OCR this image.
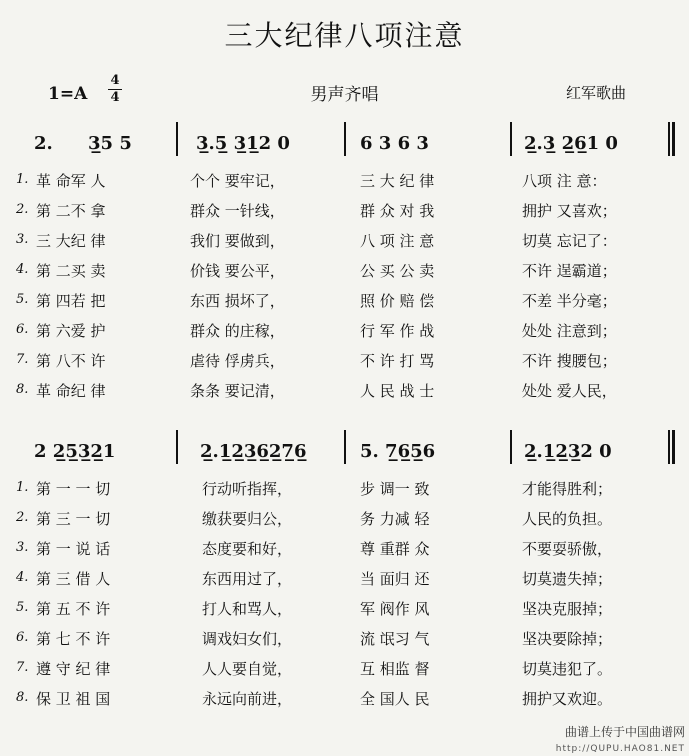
三大纪律八项注意
1=A
4
4	男声齐唱	红军歌曲
2. 3̲5 5	3̲.5̲ 3̲1̲2 0	6 3 6 3	2̲.3̲ 2̲6̲1 0
1. 革 命军 人	个个 要牢记，	三 大 纪 律	八项 注 意：
2. 第 二不 拿	群众 一针线，	群 众 对 我	拥护 又喜欢；
3. 三 大纪 律	我们 要做到，	八 项 注 意	切莫 忘记了：
4. 第 二买 卖	价钱 要公平，	公 买 公 卖	不许 逞霸道；
5. 第 四若 把	东西 损坏了，	照 价 赔 偿	不差 半分毫；
6. 第 六爱 护	群众 的庄稼，	行 军 作 战	处处 注意到；
7. 第 八不 许	虐待 俘虏兵，	不 许 打 骂	不许 搜腰包；
8. 革 命纪 律	条条 要记清，	人 民 战 士	处处 爱人民，
2 2̲5̲3̲2̲1	2̲.1̲2̲3̲6̲2̲7̲6̲	5. 7̲6̲5̲6	2̲.1̲2̲3̲2 0
1. 第 一 一 切	行动听指挥，	步 调一 致	才能得胜利；
2. 第 三 一 切	缴获要归公，	务 力减 轻	人民的负担。
3. 第 一 说 话	态度要和好，	尊 重群 众	不要耍骄傲，
4. 第 三 借 人	东西用过了，	当 面归 还	切莫遗失掉；
5. 第 五 不 许	打人和骂人，	军 阀作 风	坚决克服掉；
6. 第 七 不 许	调戏妇女们，	流 氓习 气	坚决要除掉；
7. 遵 守 纪 律	人人要自觉，	互 相监 督	切莫违犯了。
8. 保 卫 祖 国	永远向前进，	全 国人 民	拥护又欢迎。
曲谱上传于中国曲谱网
http://QUPU.HAO81.NET
